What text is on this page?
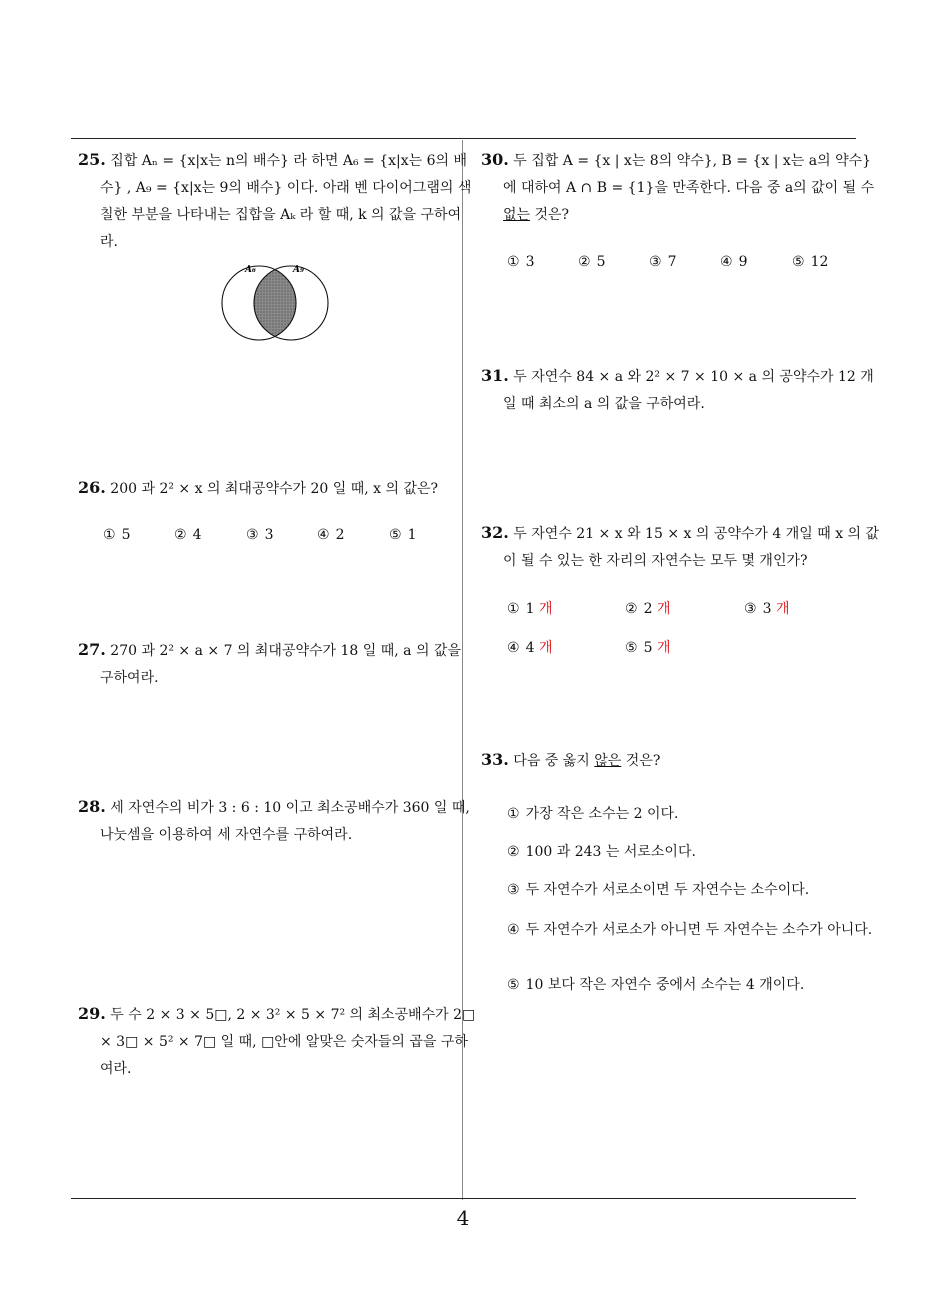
25. 집합 Aₙ = {x|x는 n의 배수} 라 하면 A₆ = {x|x는 6의 배수} , A₉ = {x|x는 9의 배수} 이다. 아래 벤 다이어그램의 색칠한 부분을 나타내는 집합을 Aₖ 라 할 때, k 의 값을 구하여라.
A₆	A₉
26. 200 과 2² × x 의 최대공약수가 20 일 때, x 의 값은?
① 5	② 4	③ 3	④ 2	⑤ 1
27. 270 과 2² × a × 7 의 최대공약수가 18 일 때, a 의 값을 구하여라.
28. 세 자연수의 비가 3 : 6 : 10 이고 최소공배수가 360 일 때, 나눗셈을 이용하여 세 자연수를 구하여라.
29. 두 수 2 × 3 × 5□, 2 × 3² × 5 × 7² 의 최소공배수가 2□ × 3□ × 5² × 7□ 일 때, □안에 알맞은 숫자들의 곱을 구하여라.
30. 두 집합 A = {x | x는 8의 약수}, B = {x | x는 a의 약수} 에 대하여 A ∩ B = {1}을 만족한다. 다음 중 a의 값이 될 수 없는 것은?
① 3	② 5	③ 7	④ 9	⑤ 12
31. 두 자연수 84 × a 와 2² × 7 × 10 × a 의 공약수가 12 개일 때 최소의 a 의 값을 구하여라.
32. 두 자연수 21 × x 와 15 × x 의 공약수가 4 개일 때 x 의 값이 될 수 있는 한 자리의 자연수는 모두 몇 개인가?
① 1 개	② 2 개	③ 3 개
④ 4 개	⑤ 5 개
33. 다음 중 옳지 않은 것은?
① 가장 작은 소수는 2 이다.
② 100 과 243 는 서로소이다.
③ 두 자연수가 서로소이면 두 자연수는 소수이다.
④ 두 자연수가 서로소가 아니면 두 자연수는 소수가 아니다.
⑤ 10 보다 작은 자연수 중에서 소수는 4 개이다.
4
